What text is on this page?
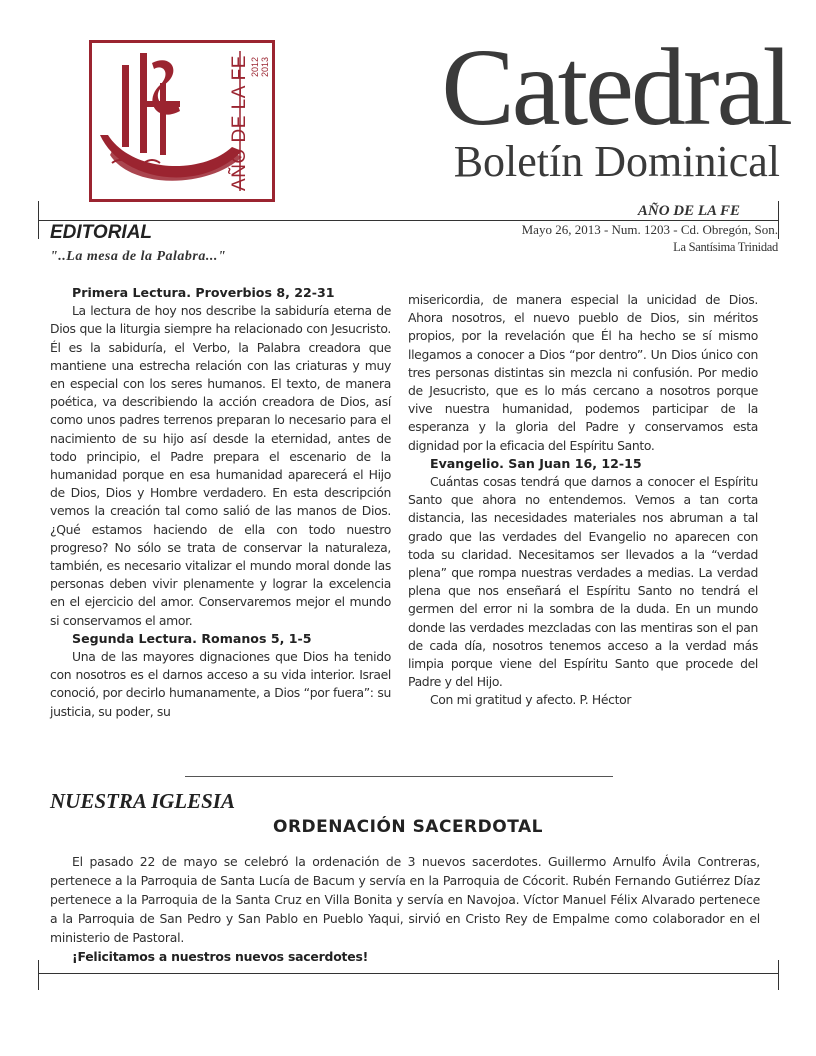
AÑO DE LA FE 2012 2013	Catedral
Boletín Dominical
AÑO DE LA FE
Mayo 26, 2013 - Num. 1203 - Cd. Obregón, Son.
La Santísima Trinidad
EDITORIAL
"..La mesa de la Palabra..."
Primera Lectura. Proverbios 8, 22-31

La lectura de hoy nos describe la sabiduría eterna de Dios que la liturgia siempre ha relacionado con Jesucristo. Él es la sabiduría, el Verbo, la Palabra creadora que mantiene una estrecha relación con las criaturas y muy en especial con los seres humanos. El texto, de manera poética, va describiendo la acción creadora de Dios, así como unos padres terrenos preparan lo necesario para el nacimiento de su hijo así desde la eternidad, antes de todo principio, el Padre prepara el escenario de la humanidad porque en esa humanidad aparecerá el Hijo de Dios, Dios y Hombre verdadero. En esta descripción vemos la creación tal como salió de las manos de Dios. ¿Qué estamos haciendo de ella con todo nuestro progreso? No sólo se trata de conservar la naturaleza, también, es necesario vitalizar el mundo moral donde las personas deben vivir plenamente y lograr la excelencia en el ejercicio del amor. Conservaremos mejor el mundo si conservamos el amor.

Segunda Lectura. Romanos 5, 1-5

Una de las mayores dignaciones que Dios ha tenido con nosotros es el darnos acceso a su vida interior. Israel conoció, por decirlo humanamente, a Dios “por fuera”: su justicia, su poder, su

misericordia, de manera especial la unicidad de Dios. Ahora nosotros, el nuevo pueblo de Dios, sin méritos propios, por la revelación que Él ha hecho se sí mismo llegamos a conocer a Dios “por dentro”. Un Dios único con tres personas distintas sin mezcla ni confusión. Por medio de Jesucristo, que es lo más cercano a nosotros porque vive nuestra humanidad, podemos participar de la esperanza y la gloria del Padre y conservamos esta dignidad por la eficacia del Espíritu Santo.

Evangelio. San Juan 16, 12-15

Cuántas cosas tendrá que darnos a conocer el Espíritu Santo que ahora no entendemos. Vemos a tan corta distancia, las necesidades materiales nos abruman a tal grado que las verdades del Evangelio no aparecen con toda su claridad. Necesitamos ser llevados a la “verdad plena” que rompa nuestras verdades a medias. La verdad plena que nos enseñará el Espíritu Santo no tendrá el germen del error ni la sombra de la duda. En un mundo donde las verdades mezcladas con las mentiras son el pan de cada día, nosotros tenemos acceso a la verdad más limpia porque viene del Espíritu Santo que procede del Padre y del Hijo.

Con mi gratitud y afecto. P. Héctor

NUESTRA IGLESIA
ORDENACIÓN SACERDOTAL

El pasado 22 de mayo se celebró la ordenación de 3 nuevos sacerdotes. Guillermo Arnulfo Ávila Contreras, pertenece a la Parroquia de Santa Lucía de Bacum y servía en la Parroquia de Cócorit. Rubén Fernando Gutiérrez Díaz pertenece a la Parroquia de la Santa Cruz en Villa Bonita y servía en Navojoa. Víctor Manuel Félix Alvarado pertenece a la Parroquia de San Pedro y San Pablo en Pueblo Yaqui, sirvió en Cristo Rey de Empalme como colaborador en el ministerio de Pastoral.

¡Felicitamos a nuestros nuevos sacerdotes!
